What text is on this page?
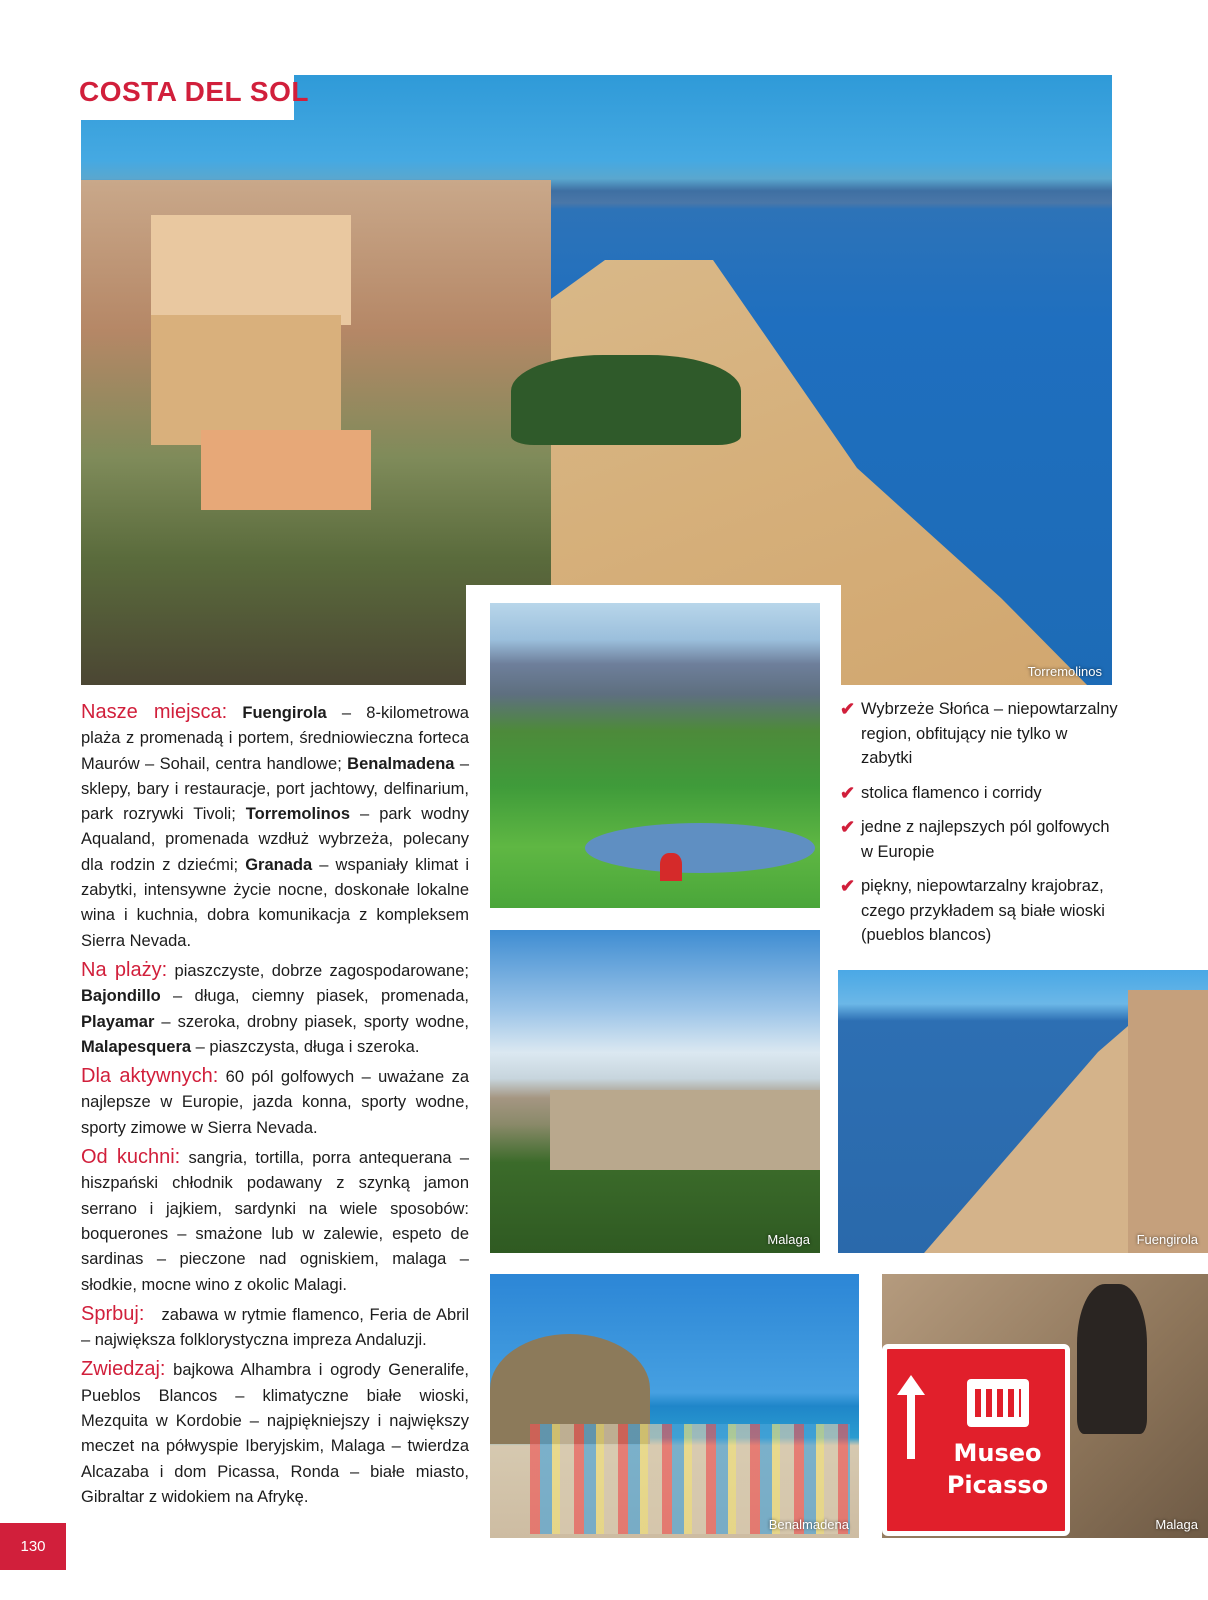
Torremolinos
COSTA DEL SOL
Malaga	Fuengirola
Benalmadena
Museo
Picasso
Malaga

Nasze miejsca: Fuengirola – 8-kilometrowa plaża z promenadą i portem, średniowieczna forteca Maurów – Sohail, centra handlowe; Benalmadena – sklepy, bary i restauracje, port jachtowy, delfinarium, park rozrywki Tivoli; Torremolinos – park wodny Aqualand, promenada wzdłuż wybrzeża, polecany dla rodzin z dziećmi; Granada – wspaniały klimat i zabytki, intensywne życie nocne, doskonałe lokalne wina i kuchnia, dobra komunikacja z kompleksem Sierra Nevada.

Na plaży: piaszczyste, dobrze zagospodarowane; Bajondillo – długa, ciemny piasek, promenada, Playamar – szeroka, drobny piasek, sporty wodne, Malapesquera – piaszczysta, długa i szeroka.

Dla aktywnych: 60 pól golfowych – uważane za najlepsze w Europie, jazda konna, sporty wodne, sporty zimowe w Sierra Nevada.

Od kuchni: sangria, tortilla, porra antequerana – hiszpański chłodnik podawany z szynką jamon serrano i jajkiem, sardynki na wiele sposobów: boquerones – smażone lub w zalewie, espeto de sardinas – pieczone nad ogniskiem, malaga – słodkie, mocne wino z okolic Malagi.

Sprbuj:   zabawa w rytmie flamenco, Feria de Abril – największa folklorystyczna impreza Andaluzji.

Zwiedzaj: bajkowa Alhambra i ogrody Generalife, Pueblos Blancos – klimatyczne białe wioski, Mezquita w Kordobie – najpiękniejszy i największy meczet na półwyspie Iberyjskim, Malaga – twierdza Alcazaba i dom Picassa, Ronda – białe miasto, Gibraltar z widokiem na Afrykę.

✔ Wybrzeże Słońca – niepowtarzalny region, obfitujący nie tylko w zabytki
✔ stolica flamenco i corridy
✔ jedne z najlepszych pól golfowych w Europie
✔ piękny, niepowtarzalny krajobraz, czego przykładem są białe wioski (pueblos blancos)
130
